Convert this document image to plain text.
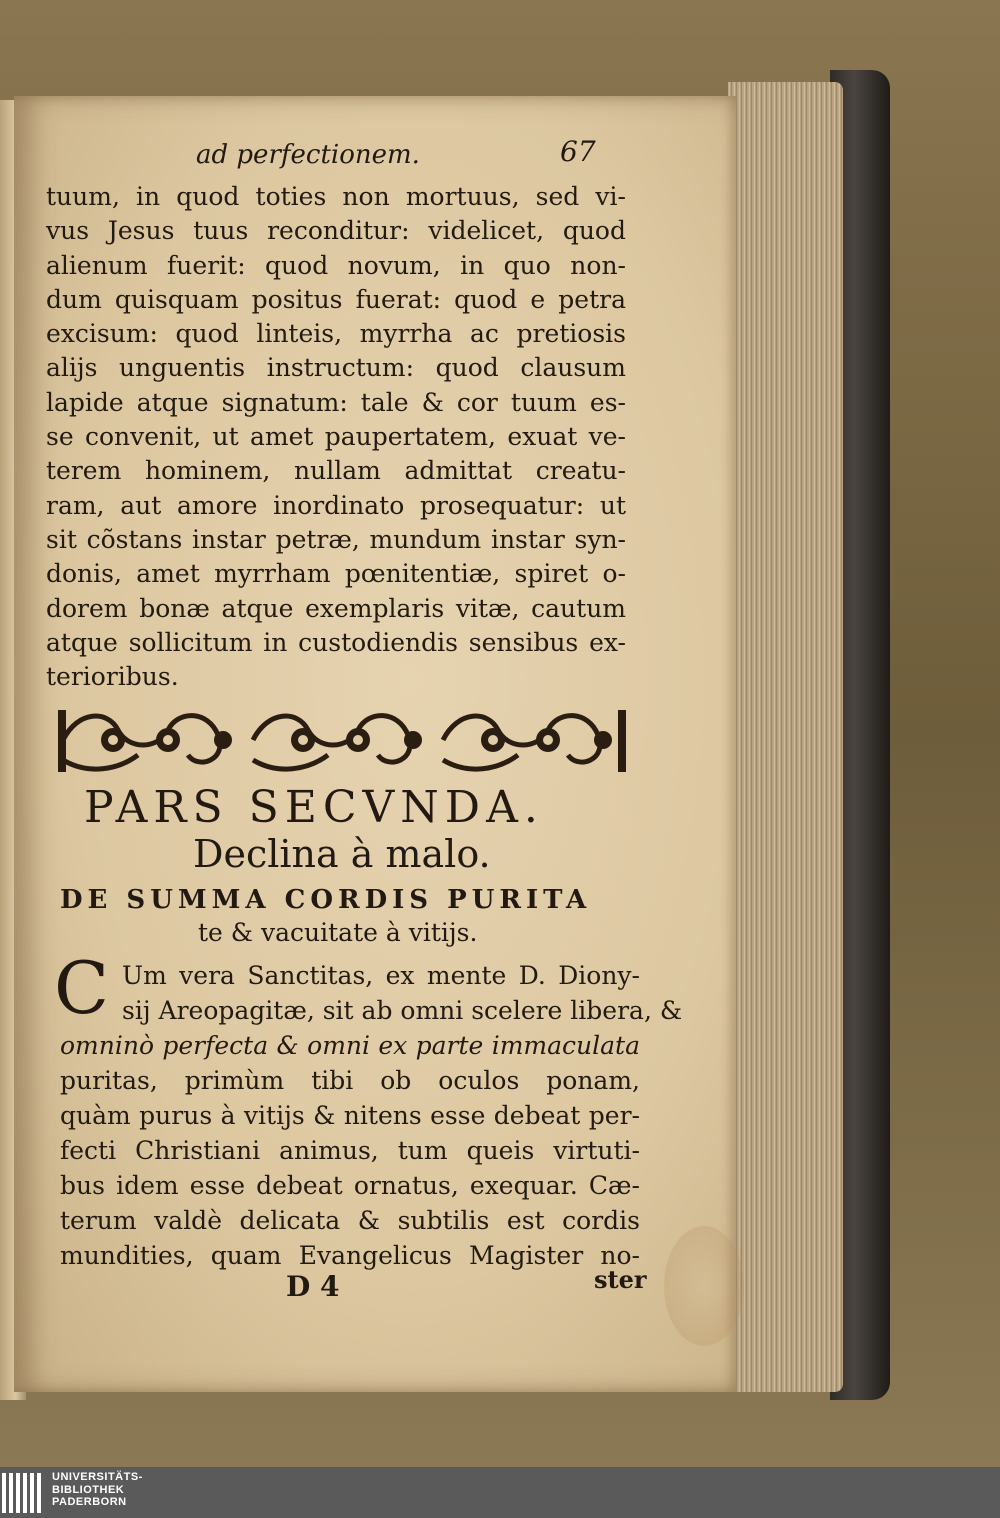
ad perfectionem.	67
tuum, in quod toties non mortuus, sed vi-
vus Jesus tuus reconditur: videlicet, quod
alienum fuerit: quod novum, in quo non-
dum quisquam positus fuerat: quod e petra
excisum: quod linteis, myrrha ac pretiosis
alijs unguentis instructum: quod clausum
lapide atque signatum: tale & cor tuum es-
se convenit, ut amet paupertatem, exuat ve-
terem hominem, nullam admittat creatu-
ram, aut amore inordinato prosequatur: ut
sit cõstans instar petræ, mundum instar syn-
donis, amet myrrham pœnitentiæ, spiret o-
dorem bonæ atque exemplaris vitæ, cautum
atque sollicitum in custodiendis sensibus ex-
terioribus.
PARS SECVNDA.
Declina à malo.
DE SUMMA CORDIS PURITA
te & vacuitate à vitijs.
C Um vera Sanctitas, ex mente D. Diony-
sij Areopagitæ, sit ab omni scelere libera, &
omninò perfecta & omni ex parte immaculata
puritas, primùm tibi ob oculos ponam,
quàm purus à vitijs & nitens esse debeat per-
fecti Christiani animus, tum queis virtuti-
bus idem esse debeat ornatus, exequar. Cæ-
terum valdè delicata & subtilis est cordis
mundities, quam Evangelicus Magister no-
D 4	ster
UNIVERSITÄTS-
BIBLIOTHEK
PADERBORN
